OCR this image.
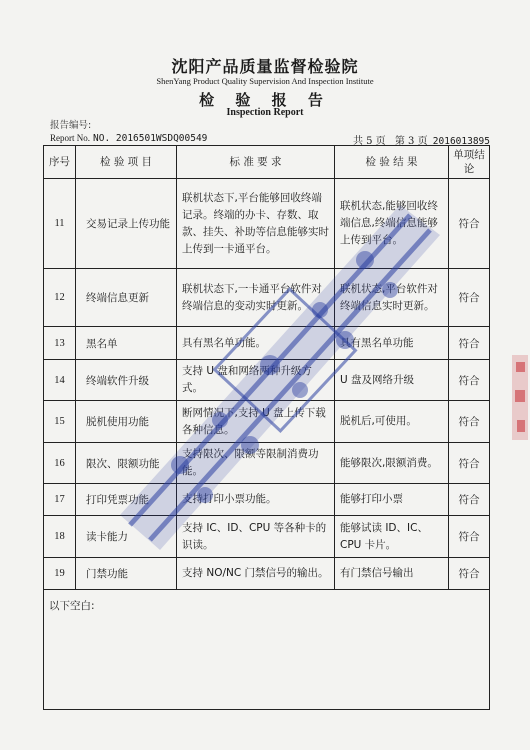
沈阳产品质量监督检验院
ShenYang Product Quality Supervision And Inspection Institute
检 验 报 告
Inspection Report
报告编号:
Report No. NO. 2016501WSDQ00549	共 5 页 第 3 页 2016013895
序号	检 验 项 目	标 准 要 求	检 验 结 果	单项结论
11	交易记录上传功能	联机状态下,平台能够回收终端记录。终端的办卡、存数、取款、挂失、补助等信息能够实时上传到一卡通平台。	联机状态,能够回收终端信息,终端信息能够上传到平台。	符合
12	终端信息更新	联机状态下,一卡通平台软件对终端信息的变动实时更新。	联机状态,平台软件对终端信息实时更新。	符合
13	黑名单	具有黑名单功能。	具有黑名单功能	符合
14	终端软件升级	支持 U 盘和网络两种升级方式。	U 盘及网络升级	符合
15	脱机使用功能	断网情况下,支持 U 盘上传下载各种信息。	脱机后,可使用。	符合
16	限次、限额功能	支持限次、限额等限制消费功能。	能够限次,限额消费。	符合
17	打印凭票功能	支持打印小票功能。	能够打印小票	符合
18	读卡能力	支持 IC、ID、CPU 等各种卡的识读。	能够试读 ID、IC、CPU 卡片。	符合
19	门禁功能	支持 NO/NC 门禁信号的输出。	有门禁信号输出	符合
以下空白:				
